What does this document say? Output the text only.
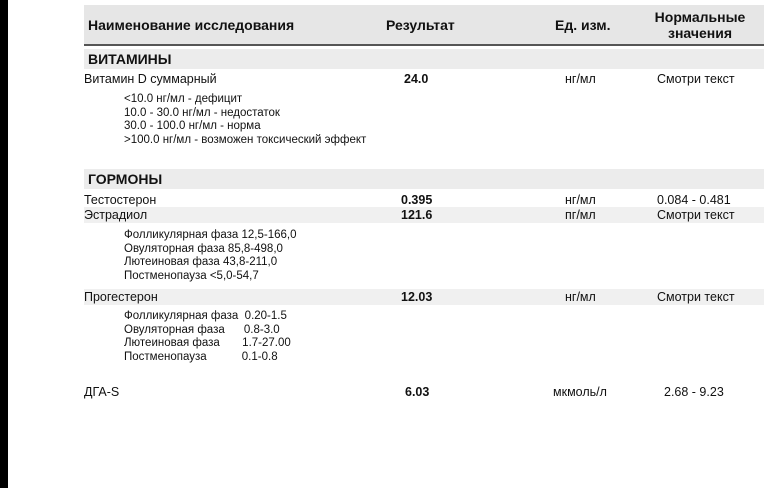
Наименование исследования	Результат	Ед. изм.	Нормальные
значения
ВИТАМИНЫ
Витамин D суммарный	24.0	нг/мл	Смотри текст
<10.0 нг/мл - дефицит
10.0 - 30.0 нг/мл - недостаток
30.0 - 100.0 нг/мл - норма
>100.0 нг/мл - возможен токсический эффект
ГОРМОНЫ
Тестостерон	0.395	нг/мл	0.084 - 0.481
Эстрадиол	121.6	пг/мл	Смотри текст
Фолликулярная фаза 12,5-166,0
Овуляторная фаза 85,8-498,0
Лютеиновая фаза 43,8-211,0
Постменопауза <5,0-54,7
Прогестерон	12.03	нг/мл	Смотри текст
Фолликулярная фаза  0.20-1.5
Овуляторная фаза      0.8-3.0
Лютеиновая фаза       1.7-27.00
Постменопауза           0.1-0.8
ДГА-S	6.03	мкмоль/л	2.68 - 9.23
